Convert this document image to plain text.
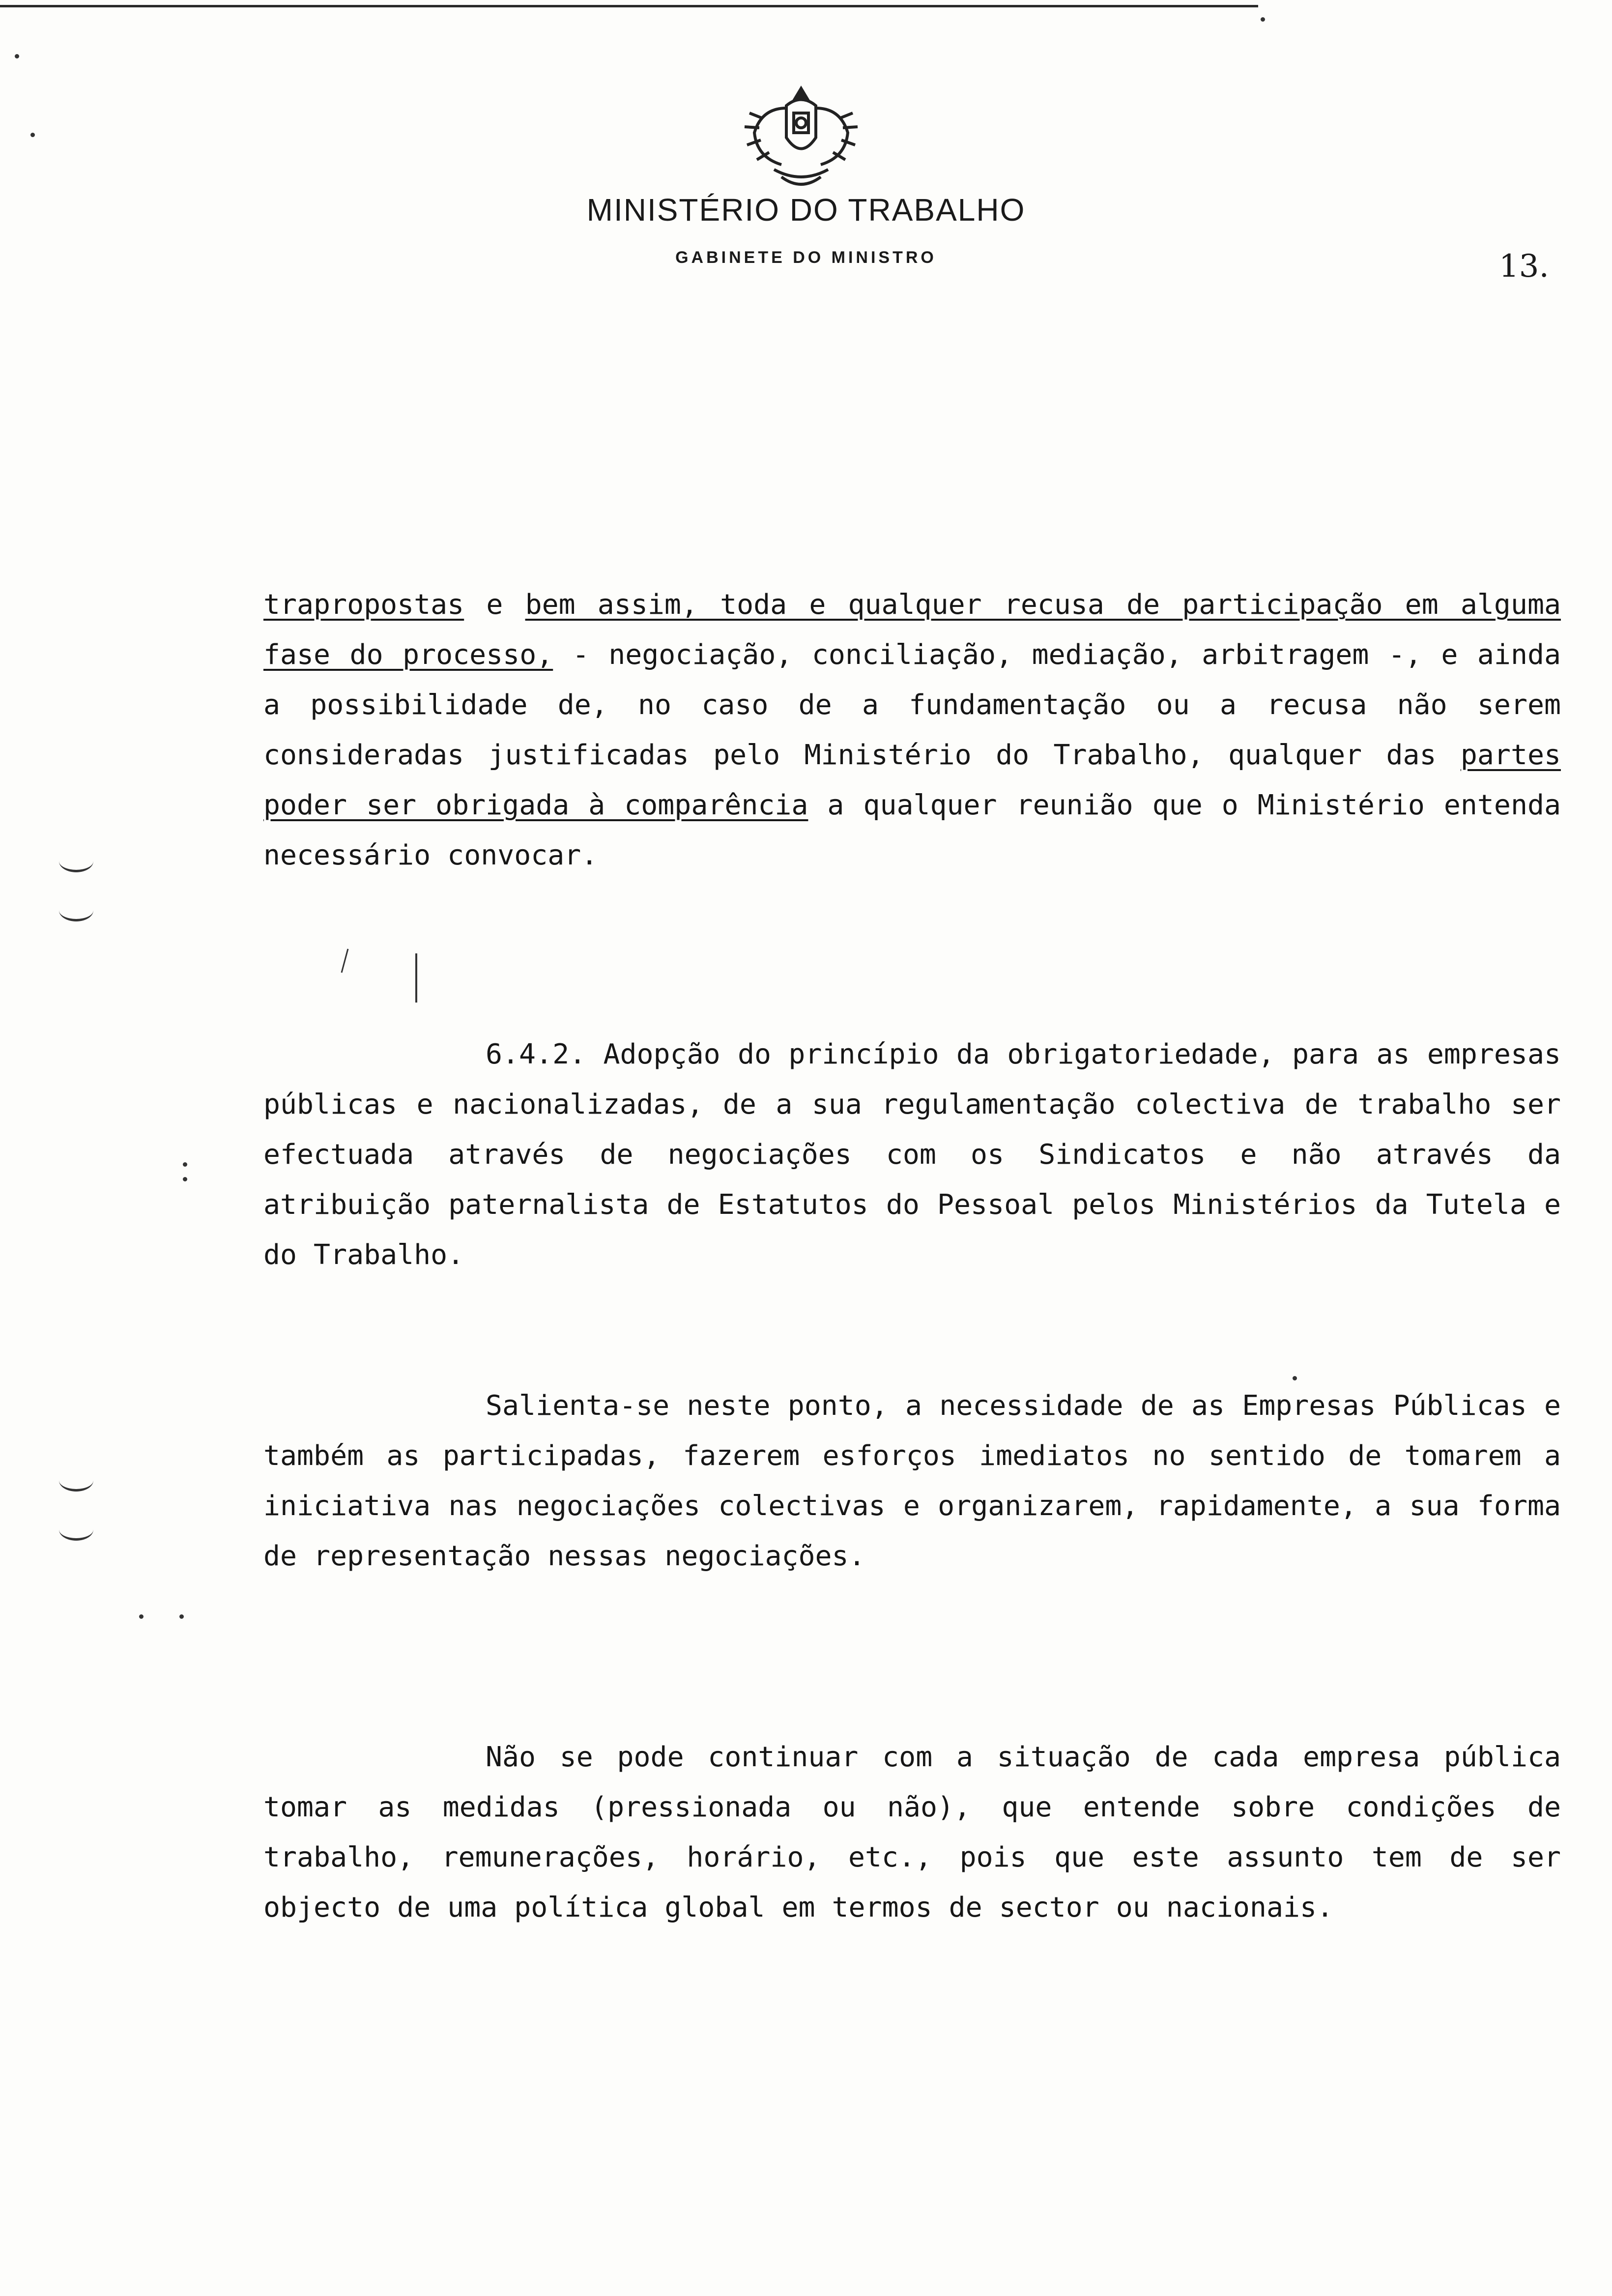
MINISTÉRIO DO TRABALHO
GABINETE DO MINISTRO	13.

trapropostas e bem assim, toda e qualquer recusa de participação em alguma fase do processo, - negociação, conciliação, mediação, arbitragem -, e ainda a possibilidade de, no caso de a fundamentação ou a recusa não serem consideradas justificadas pelo Ministério do Trabalho, qualquer das partes poder ser obrigada à comparência a qualquer reunião que o Ministério entenda necessário convocar.

6.4.2. Adopção do princípio da obrigatoriedade, para as empresas públicas e nacionalizadas, de a sua regulamentação colectiva de trabalho ser efectuada através de negociações com os Sindicatos e não através da atribuição paternalista de Estatutos do Pessoal pelos Ministérios da Tutela e do Trabalho.

Salienta-se neste ponto, a necessidade de as Empresas Públicas e também as participadas, fazerem esforços imediatos no sentido de tomarem a iniciativa nas negociações colectivas e organizarem, rapidamente, a sua forma de representação nessas negociações.

Não se pode continuar com a situação de cada empresa pública tomar as medidas (pressionada ou não), que entende sobre condições de trabalho, remunerações, horário, etc., pois que este assunto tem de ser objecto de uma política global em termos de sector ou nacionais.
